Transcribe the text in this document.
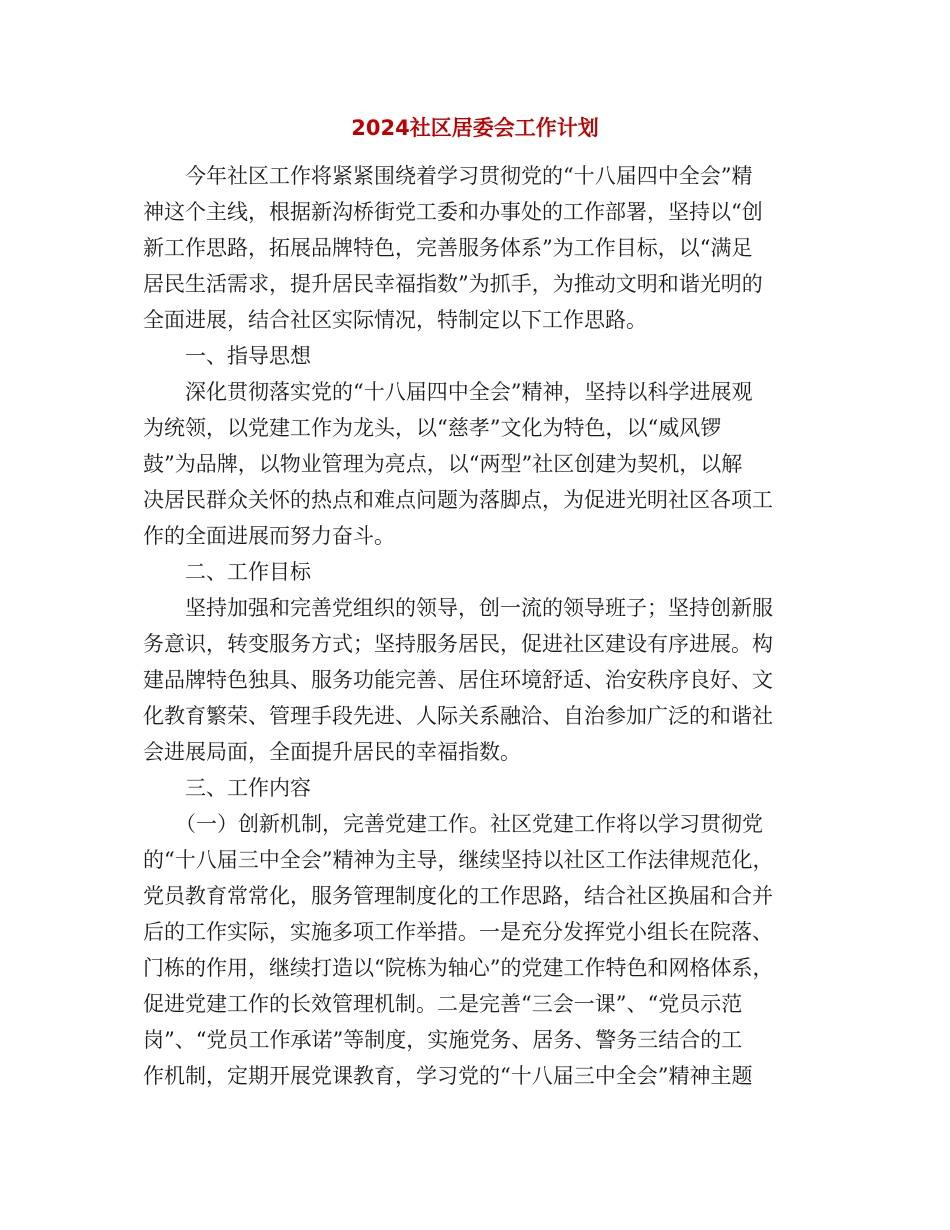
2024社区居委会工作计划
今年社区工作将紧紧围绕着学习贯彻党的“十八届四中全会”精
神这个主线，根据新沟桥街党工委和办事处的工作部署，坚持以“创
新工作思路，拓展品牌特色，完善服务体系”为工作目标，以“满足
居民生活需求，提升居民幸福指数”为抓手，为推动文明和谐光明的
全面进展，结合社区实际情况，特制定以下工作思路。
一、指导思想
深化贯彻落实党的“十八届四中全会”精神，坚持以科学进展观
为统领，以党建工作为龙头，以“慈孝”文化为特色，以“威风锣
鼓”为品牌，以物业管理为亮点，以“两型”社区创建为契机，以解
决居民群众关怀的热点和难点问题为落脚点，为促进光明社区各项工
作的全面进展而努力奋斗。
二、工作目标
坚持加强和完善党组织的领导，创一流的领导班子；坚持创新服
务意识，转变服务方式；坚持服务居民，促进社区建设有序进展。构
建品牌特色独具、服务功能完善、居住环境舒适、治安秩序良好、文
化教育繁荣、管理手段先进、人际关系融洽、自治参加广泛的和谐社
会进展局面，全面提升居民的幸福指数。
三、工作内容
（一）创新机制，完善党建工作。社区党建工作将以学习贯彻党
的“十八届三中全会”精神为主导，继续坚持以社区工作法律规范化，
党员教育常常化，服务管理制度化的工作思路，结合社区换届和合并
后的工作实际，实施多项工作举措。一是充分发挥党小组长在院落、
门栋的作用，继续打造以“院栋为轴心”的党建工作特色和网格体系，
促进党建工作的长效管理机制。二是完善“三会一课”、“党员示范
岗”、“党员工作承诺”等制度，实施党务、居务、警务三结合的工
作机制，定期开展党课教育，学习党的“十八届三中全会”精神主题
